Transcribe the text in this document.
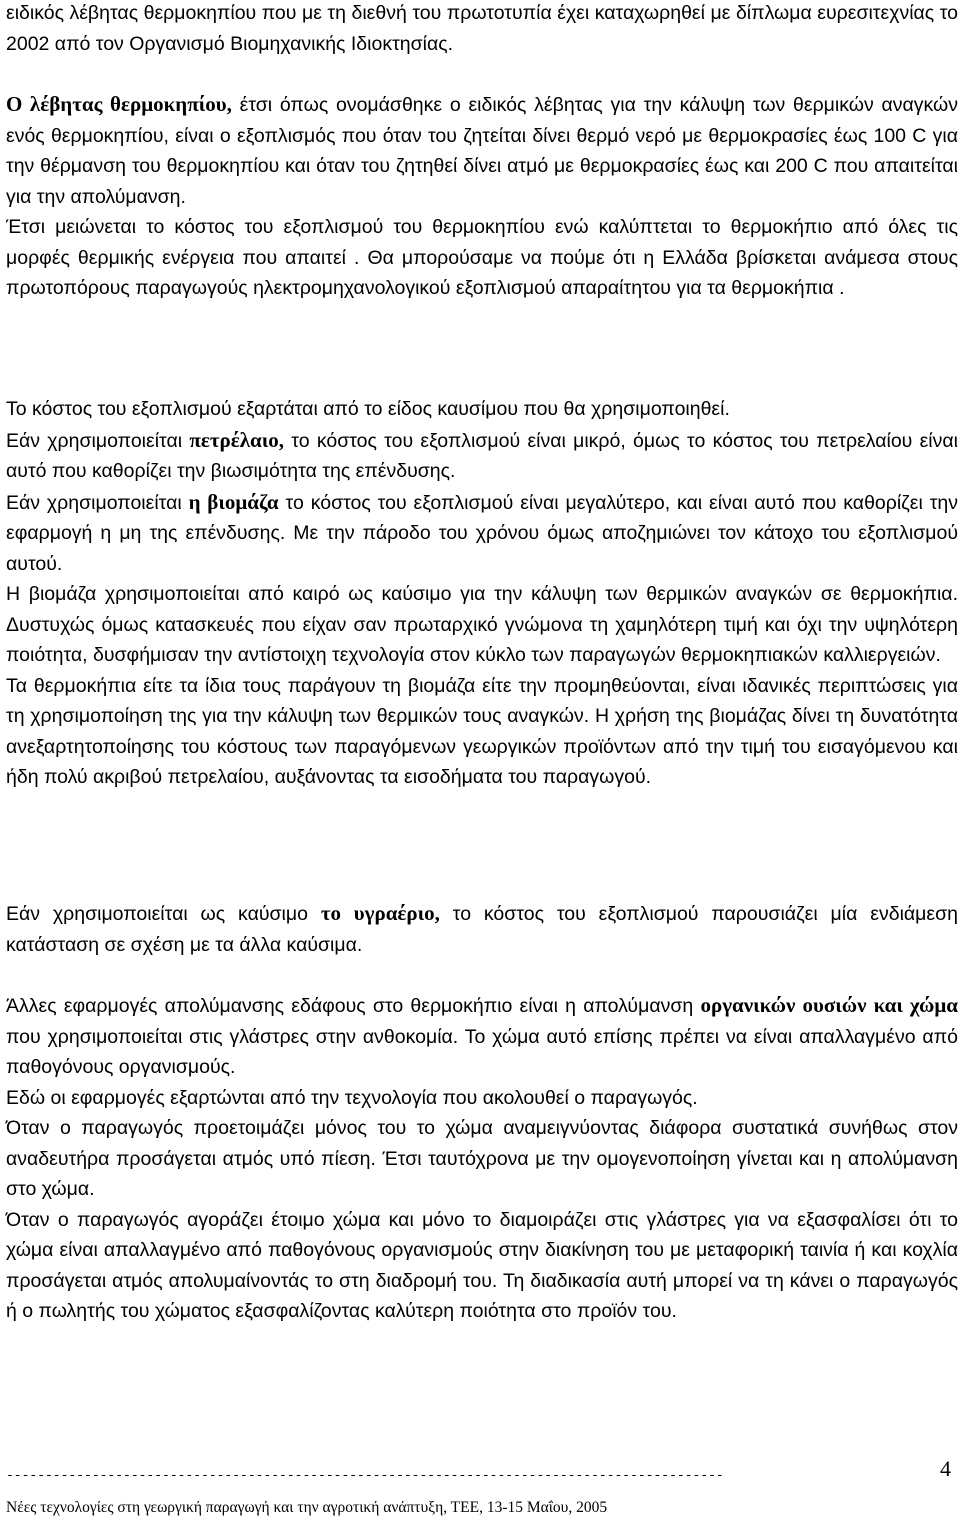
ειδικός λέβητας θερμοκηπίου που με τη διεθνή του πρωτοτυπία έχει καταχωρηθεί με δίπλωμα ευρεσιτεχνίας το 2002 από τον Οργανισμό Βιομηχανικής Ιδιοκτησίας.

Ο λέβητας θερμοκηπίου, έτσι όπως ονομάσθηκε ο ειδικός λέβητας για την κάλυψη των θερμικών αναγκών ενός θερμοκηπίου, είναι ο εξοπλισμός που όταν του ζητείται δίνει θερμό νερό με θερμοκρασίες έως 100 C για την θέρμανση του θερμοκηπίου και όταν του ζητηθεί δίνει ατμό με θερμοκρασίες έως και 200 C που απαιτείται για την απολύμανση.

Έτσι μειώνεται το κόστος του εξοπλισμού του θερμοκηπίου ενώ καλύπτεται το θερμοκήπιο από όλες τις μορφές θερμικής ενέργεια που απαιτεί . Θα μπορούσαμε να πούμε ότι η Ελλάδα βρίσκεται ανάμεσα στους πρωτοπόρους παραγωγούς ηλεκτρομηχανολογικού εξοπλισμού απαραίτητου για τα θερμοκήπια .

Το κόστος του εξοπλισμού εξαρτάται από το είδος καυσίμου που θα χρησιμοποιηθεί.

Εάν χρησιμοποιείται πετρέλαιο, το κόστος του εξοπλισμού είναι μικρό, όμως το κόστος του πετρελαίου είναι αυτό που καθορίζει την βιωσιμότητα της επένδυσης.

Εάν χρησιμοποιείται η βιομάζα το κόστος του εξοπλισμού είναι μεγαλύτερο, και είναι αυτό που καθορίζει την εφαρμογή η μη της επένδυσης. Με την πάροδο του χρόνου όμως αποζημιώνει τον κάτοχο του εξοπλισμού αυτού.

Η βιομάζα χρησιμοποιείται από καιρό ως καύσιμο για την κάλυψη των θερμικών αναγκών σε θερμοκήπια. Δυστυχώς όμως κατασκευές που είχαν σαν πρωταρχικό γνώμονα τη χαμηλότερη τιμή και όχι την υψηλότερη ποιότητα, δυσφήμισαν την αντίστοιχη τεχνολογία στον κύκλο των παραγωγών θερμοκηπιακών καλλιεργειών.

Τα θερμοκήπια είτε τα ίδια τους παράγουν τη βιομάζα είτε την προμηθεύονται, είναι ιδανικές περιπτώσεις για τη χρησιμοποίηση της για την κάλυψη των θερμικών τους αναγκών. Η χρήση της βιομάζας δίνει τη δυνατότητα ανεξαρτητοποίησης του κόστους των παραγόμενων γεωργικών προϊόντων από την τιμή του εισαγόμενου και ήδη πολύ ακριβού πετρελαίου, αυξάνοντας τα εισοδήματα του παραγωγού.

Εάν χρησιμοποιείται ως καύσιμο το υγραέριο, το κόστος του εξοπλισμού παρουσιάζει μία ενδιάμεση κατάσταση σε σχέση με τα άλλα καύσιμα.

Άλλες εφαρμογές απολύμανσης εδάφους στο θερμοκήπιο είναι η απολύμανση οργανικών ουσιών και χώμα που χρησιμοποιείται στις γλάστρες στην ανθοκομία. Το χώμα αυτό επίσης πρέπει να είναι απαλλαγμένο από παθογόνους οργανισμούς.

Εδώ οι εφαρμογές εξαρτώνται από την τεχνολογία που ακολουθεί ο παραγωγός.

Όταν ο παραγωγός προετοιμάζει μόνος του το χώμα αναμειγνύοντας διάφορα συστατικά συνήθως στον αναδευτήρα προσάγεται ατμός υπό πίεση. Έτσι ταυτόχρονα με την ομογενοποίηση γίνεται και η απολύμανση στο χώμα.

Όταν ο παραγωγός αγοράζει έτοιμο χώμα και μόνο το διαμοιράζει στις γλάστρες για να εξασφαλίσει ότι το χώμα είναι απαλλαγμένο από παθογόνους οργανισμούς στην διακίνηση του με μεταφορική ταινία ή και κοχλία προσάγεται ατμός απολυμαίνοντάς το στη διαδρομή του. Τη διαδικασία αυτή μπορεί να τη κάνει ο παραγωγός ή ο πωλητής του χώματος εξασφαλίζοντας καλύτερη ποιότητα στο προϊόν του.

--------------------------------------------------------------------------------------------	4
Νέες τεχνολογίες στη γεωργική παραγωγή και την αγροτική ανάπτυξη, ΤΕΕ, 13-15 Μαΐου, 2005
